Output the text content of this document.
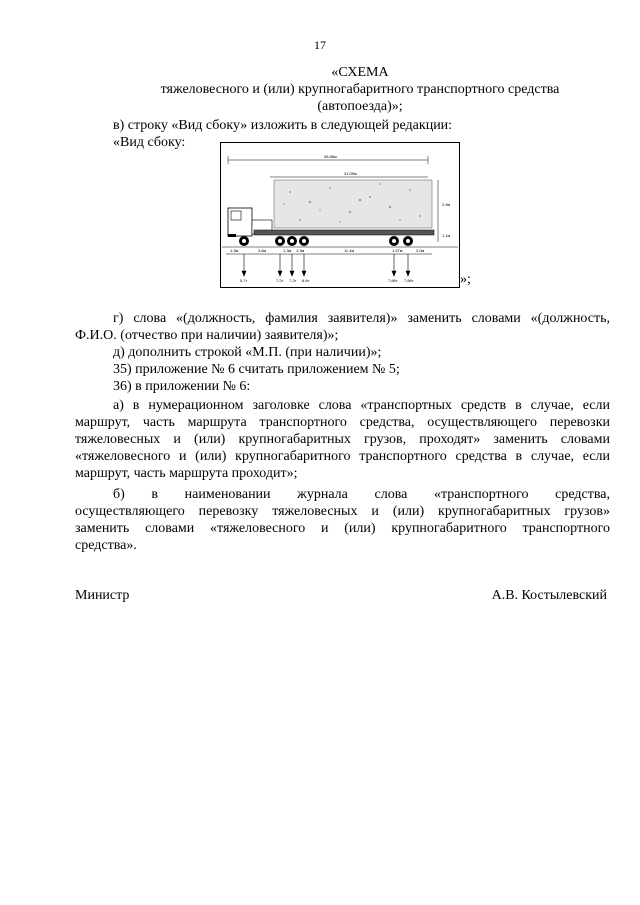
17
«СХЕМА
тяжеловесного и (или) крупногабаритного транспортного средства
(автопоезда)»;
в) строку «Вид сбоку» изложить в следующей редакции:
«Вид сбоку:
36.88м
31.09м
2.9м
1.1м
1.3м	3.6м	1.3м 1.3м	11.4м	1.57м	3.0м
5.7т	7.2т 7.2т 8.8т	7.86т 7.86т	»;
г) слова «(должность, фамилия заявителя)» заменить словами «(должность,
Ф.И.О. (отчество при наличии) заявителя)»;
д) дополнить строкой «М.П. (при наличии)»;
35) приложение № 6 считать приложением № 5;
36) в приложении № 6:
а) в нумерационном заголовке слова «транспортных средств в случае, если
маршрут, часть маршрута транспортного средства, осуществляющего перевозки
тяжеловесных и (или) крупногабаритных грузов, проходят» заменить словами
«тяжеловесного и (или) крупногабаритного транспортного средства в случае, если
маршрут, часть маршрута проходит»;
б) в наименовании журнала слова «транспортного средства,
осуществляющего перевозку тяжеловесных и (или) крупногабаритных грузов»
заменить словами «тяжеловесного и (или) крупногабаритного транспортного
средства».
Министр	А.В. Костылевский
